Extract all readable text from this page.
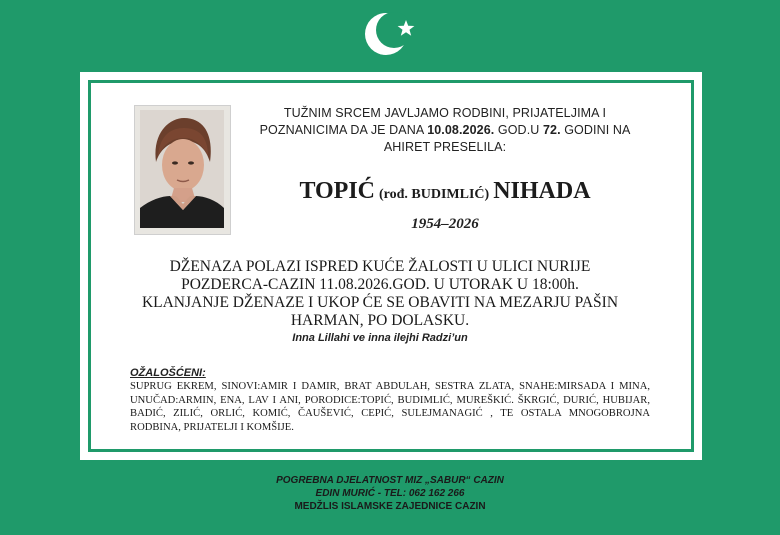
TUŽNIM SRCEM JAVLJAMO RODBINI, PRIJATELJIMA I
POZNANICIMA DA JE DANA 10.08.2026. GOD.U 72. GODINI NA
AHIRET PRESELILA:
TOPIĆ (rođ. BUDIMLIĆ) NIHADA
1954–2026
DŽENAZA POLAZI ISPRED KUĆE ŽALOSTI U ULICI NURIJE
POZDERCA-CAZIN 11.08.2026.GOD. U UTORAK U 18:00h.
KLANJANJE DŽENAZE I UKOP ĆE SE OBAVITI NA MEZARJU PAŠIN
HARMAN, PO DOLASKU.
Inna Lillahi ve inna ilejhi Radzi’un
OŽALOŠĆENI:
SUPRUG EKREM, SINOVI:AMIR I DAMIR, BRAT ABDULAH, SESTRA ZLATA, SNAHE:MIRSADA I MINA, UNUČAD:ARMIN, ENA, LAV I ANI, PORODICE:TOPIĆ, BUDIMLIĆ, MUREŠKIĆ. ŠKRGIĆ, DURIĆ, HUBIJAR, BADIĆ, ZILIĆ, ORLIĆ, KOMIĆ, ČAUŠEVIĆ, CEPIĆ, SULEJMANAGIĆ , TE OSTALA MNOGOBROJNA RODBINA, PRIJATELJI I KOMŠIJE.
POGREBNA DJELATNOST MIZ „SABUR“ CAZIN
EDIN MURIĆ - TEL: 062 162 266
MEDŽLIS ISLAMSKE ZAJEDNICE CAZIN
